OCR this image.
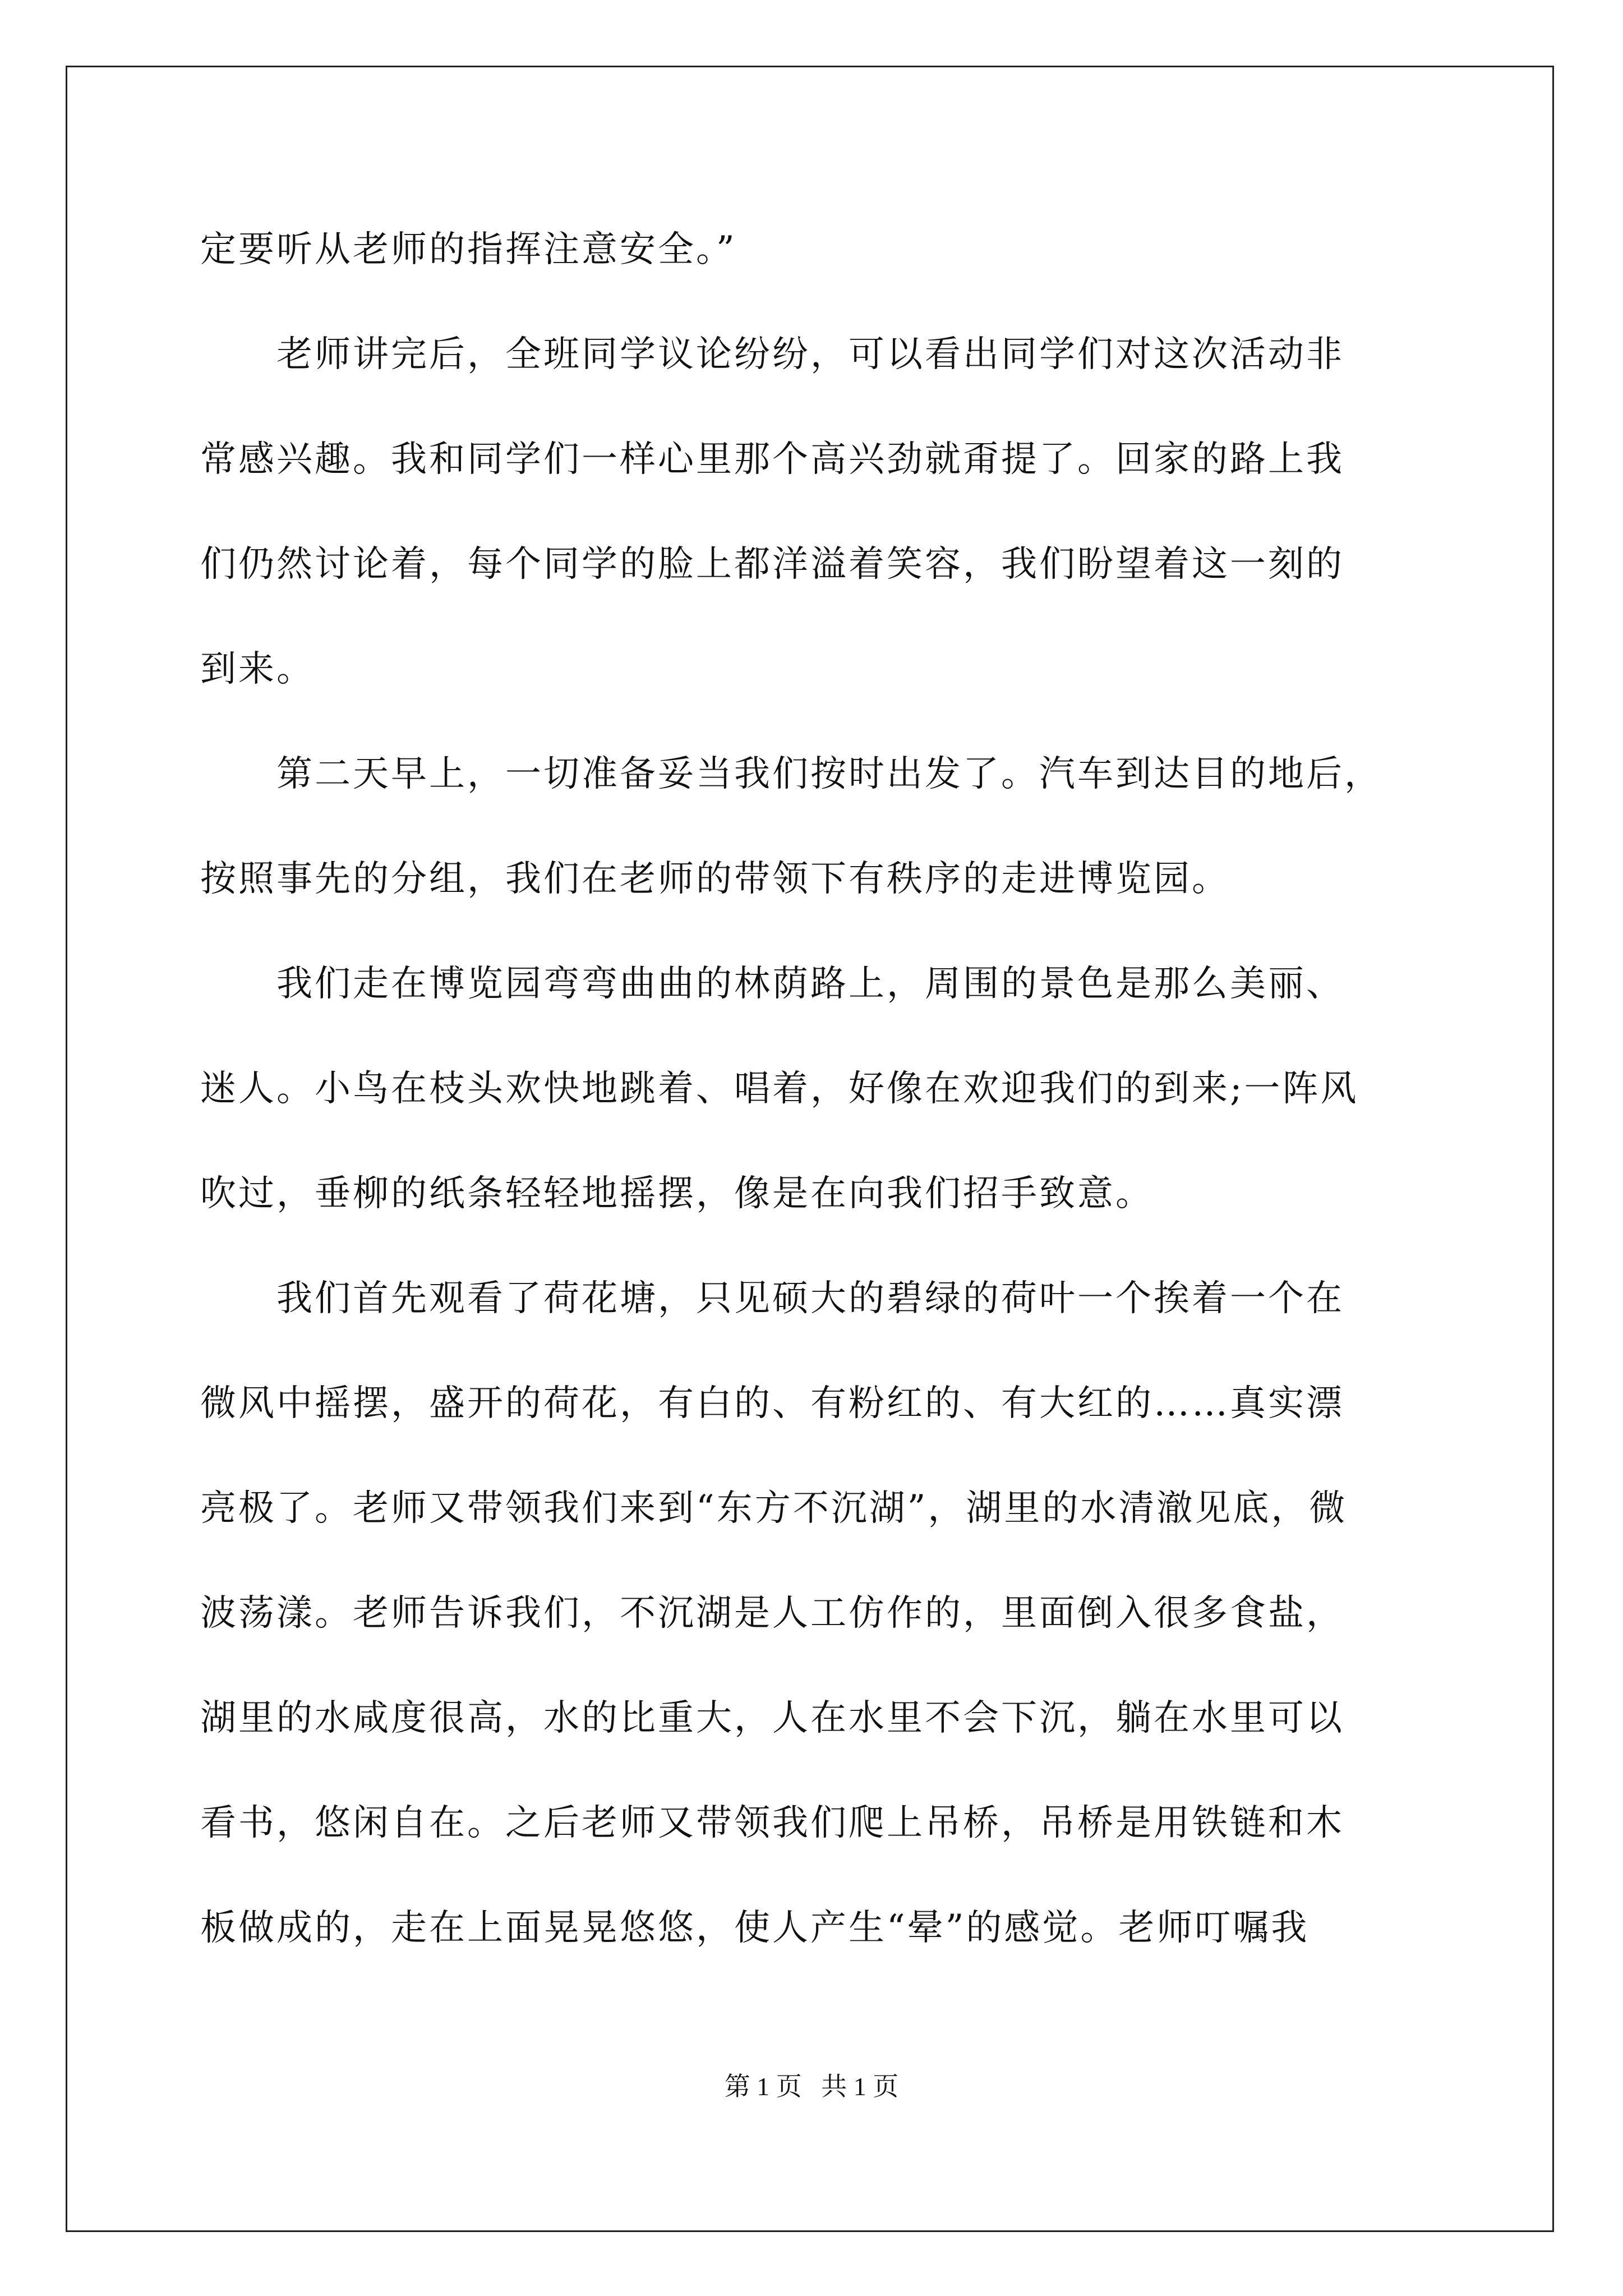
定要听从老师的指挥注意安全。”
　　老师讲完后，全班同学议论纷纷，可以看出同学们对这次活动非
常感兴趣。我和同学们一样心里那个高兴劲就甭提了。回家的路上我
们仍然讨论着，每个同学的脸上都洋溢着笑容，我们盼望着这一刻的
到来。
　　第二天早上，一切准备妥当我们按时出发了。汽车到达目的地后，
按照事先的分组，我们在老师的带领下有秩序的走进博览园。
　　我们走在博览园弯弯曲曲的林荫路上，周围的景色是那么美丽、
迷人。小鸟在枝头欢快地跳着、唱着，好像在欢迎我们的到来;一阵风
吹过，垂柳的纸条轻轻地摇摆，像是在向我们招手致意。
　　我们首先观看了荷花塘，只见硕大的碧绿的荷叶一个挨着一个在
微风中摇摆，盛开的荷花，有白的、有粉红的、有大红的……真实漂
亮极了。老师又带领我们来到“东方不沉湖”，湖里的水清澈见底，微
波荡漾。老师告诉我们，不沉湖是人工仿作的，里面倒入很多食盐，
湖里的水咸度很高，水的比重大，人在水里不会下沉，躺在水里可以
看书，悠闲自在。之后老师又带领我们爬上吊桥，吊桥是用铁链和木
板做成的，走在上面晃晃悠悠，使人产生“晕”的感觉。老师叮嘱我
第 1 页   共 1 页
